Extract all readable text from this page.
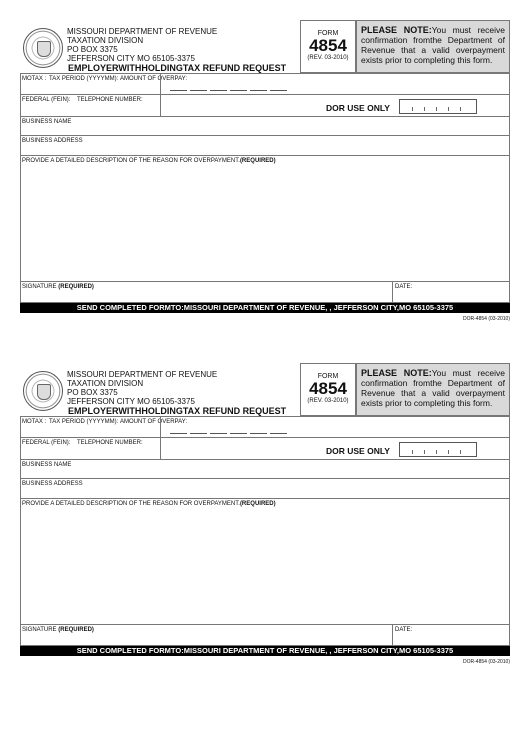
MISSOURI DEPARTMENT OF REVENUE
TAXATION DIVISION
PO BOX 3375
JEFFERSON CITY MO 65105-3375
EMPLOYERWITHHOLDINGTAX REFUND REQUEST
FORM
4854
(REV. 03-2010)
PLEASE NOTE:You must receive confirmation fromthe Department of Revenue that a valid overpayment exists prior to completing this form.
MOTAX : TAX PERIOD (YYYYMM): AMOUNT OF OVERPAY:
FEDERAL (FEIN): TELEPHONE NUMBER:
DOR USE ONLY
BUSINESS NAME
BUSINESS ADDRESS
PROVIDE A DETAILED DESCRIPTION OF THE REASON FOR OVERPAYMENT.(REQUIRED)
SIGNATURE (REQUIRED)	DATE:
SEND COMPLETED FORMTO:MISSOURI DEPARTMENT OF REVENUE, , JEFFERSON CITY,MO 65105-3375
DOR-4854 (03-2010)
MISSOURI DEPARTMENT OF REVENUE
TAXATION DIVISION
PO BOX 3375
JEFFERSON CITY MO 65105-3375
EMPLOYERWITHHOLDINGTAX REFUND REQUEST
FORM
4854
(REV. 03-2010)
PLEASE NOTE:You must receive confirmation fromthe Department of Revenue that a valid overpayment exists prior to completing this form.
MOTAX : TAX PERIOD (YYYYMM): AMOUNT OF OVERPAY:
FEDERAL (FEIN): TELEPHONE NUMBER:
DOR USE ONLY
BUSINESS NAME
BUSINESS ADDRESS
PROVIDE A DETAILED DESCRIPTION OF THE REASON FOR OVERPAYMENT.(REQUIRED)
SIGNATURE (REQUIRED)	DATE:
SEND COMPLETED FORMTO:MISSOURI DEPARTMENT OF REVENUE, , JEFFERSON CITY,MO 65105-3375
DOR-4854 (03-2010)
